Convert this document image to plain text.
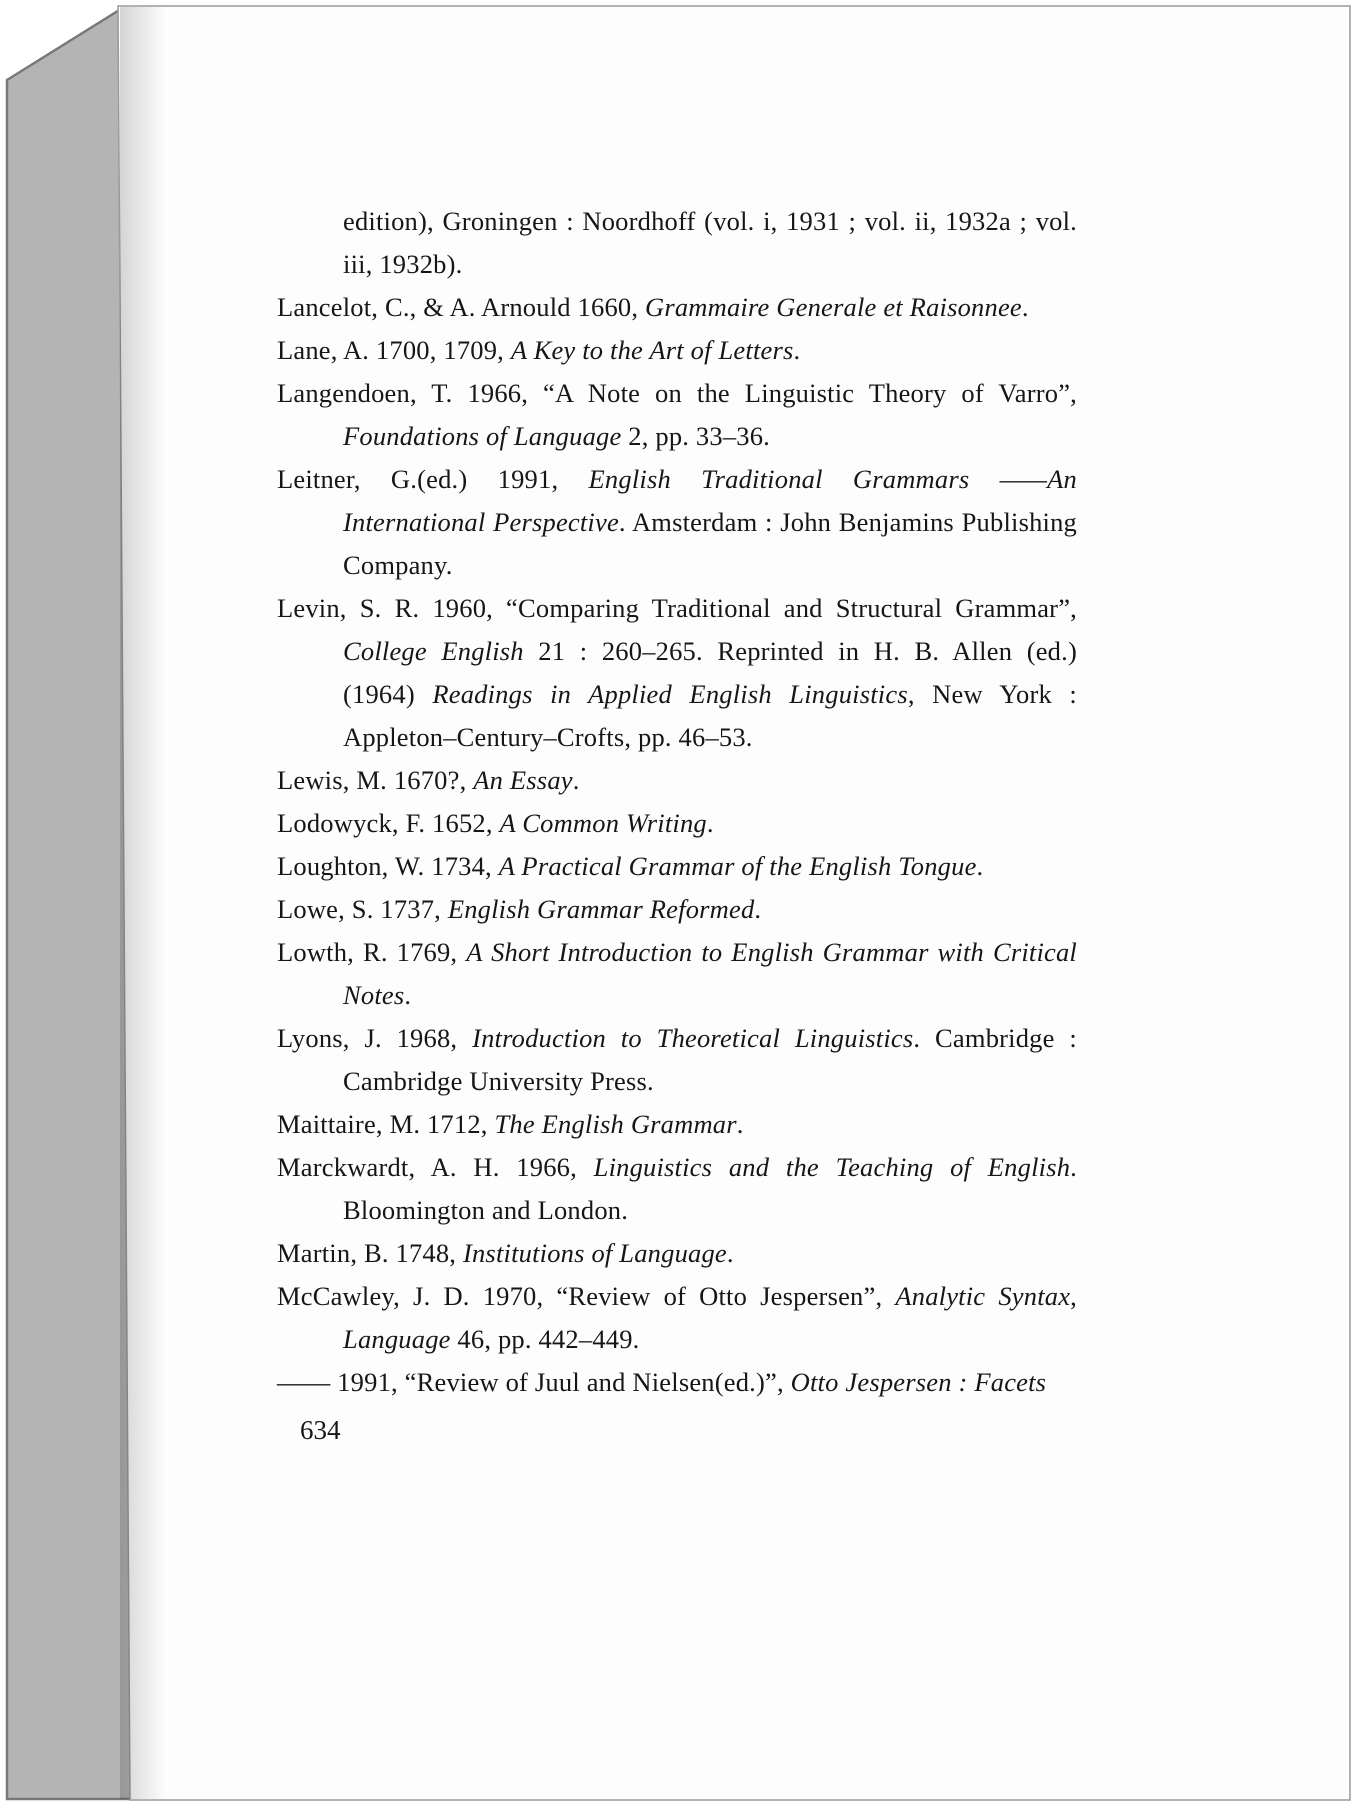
edition), Groningen : Noordhoff (vol. i, 1931 ; vol. ii, 1932a ; vol. iii, 1932b).

Lancelot, C., & A. Arnould 1660, Grammaire Generale et Raisonnee.

Lane, A. 1700, 1709, A Key to the Art of Letters.

Langendoen, T. 1966, “A Note on the Linguistic Theory of Varro”, Foundations of Language 2, pp. 33–36.

Leitner, G.(ed.) 1991, English Traditional Grammars ——An International Perspective. Amsterdam : John Benjamins Publishing Company.

Levin, S. R. 1960, “Comparing Traditional and Structural Grammar”, College English 21 : 260–265. Reprinted in H. B. Allen (ed.) (1964) Readings in Applied English Linguistics, New York : Appleton–Century–Crofts, pp. 46–53.

Lewis, M. 1670?, An Essay.

Lodowyck, F. 1652, A Common Writing.

Loughton, W. 1734, A Practical Grammar of the English Tongue.

Lowe, S. 1737, English Grammar Reformed.

Lowth, R. 1769, A Short Introduction to English Grammar with Critical Notes.

Lyons, J. 1968, Introduction to Theoretical Linguistics. Cambridge : Cambridge University Press.

Maittaire, M. 1712, The English Grammar.

Marckwardt, A. H. 1966, Linguistics and the Teaching of English. Bloomington and London.

Martin, B. 1748, Institutions of Language.

McCawley, J. D. 1970, “Review of Otto Jespersen”, Analytic Syntax, Language 46, pp. 442–449.

—— 1991, “Review of Juul and Nielsen(ed.)”, Otto Jespersen : Facets

634
